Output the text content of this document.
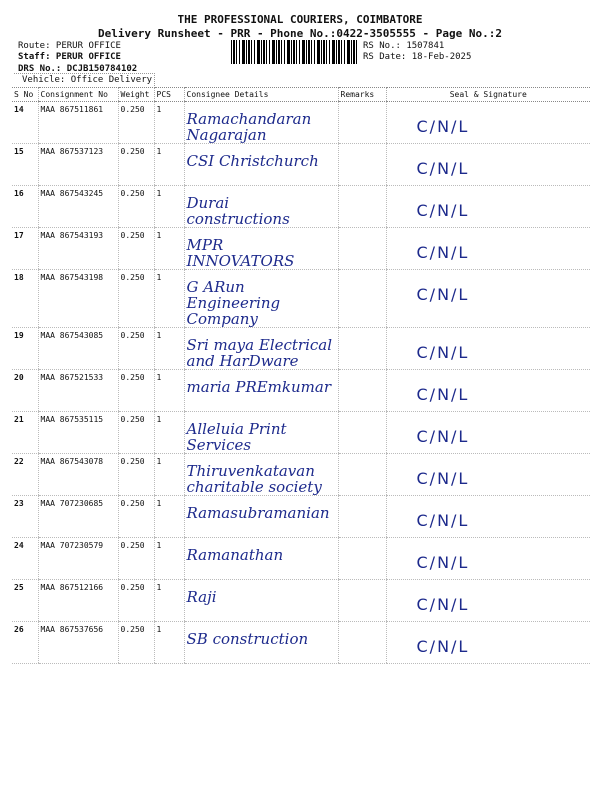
THE PROFESSIONAL COURIERS, COIMBATORE
Delivery Runsheet - PRR - Phone No.:0422-3505555 - Page No.:2
Route: PERUR OFFICE
Staff: PERUR OFFICE
DRS No.: DCJB150784102
Vehicle: Office Delivery
RS No.: 1507841
RS Date: 18-Feb-2025
S No	Consignment No	Weight	PCS	Consignee Details	Remarks	Seal & Signature
14	MAA 867511861	0.250	1	Ramachandaran Nagarajan		C/N/L

15	MAA 867537123	0.250	1	CSI Christchurch		C/N/L

16	MAA 867543245	0.250	1	Durai constructions		C/N/L

17	MAA 867543193	0.250	1	MPR INNOVATORS		C/N/L

18	MAA 867543198	0.250	1	G ARun Engineering Company		C/N/L

19	MAA 867543085	0.250	1	Sri maya Electrical and HarDware		C/N/L

20	MAA 867521533	0.250	1	maria PREmkumar		C/N/L

21	MAA 867535115	0.250	1	Alleluia Print Services		C/N/L

22	MAA 867543078	0.250	1	Thiruvenkatavan charitable society		C/N/L

23	MAA 707230685	0.250	1	Ramasubramanian		C/N/L

24	MAA 707230579	0.250	1	Ramanathan		C/N/L

25	MAA 867512166	0.250	1	Raji		C/N/L

26	MAA 867537656	0.250	1	SB construction		C/N/L
